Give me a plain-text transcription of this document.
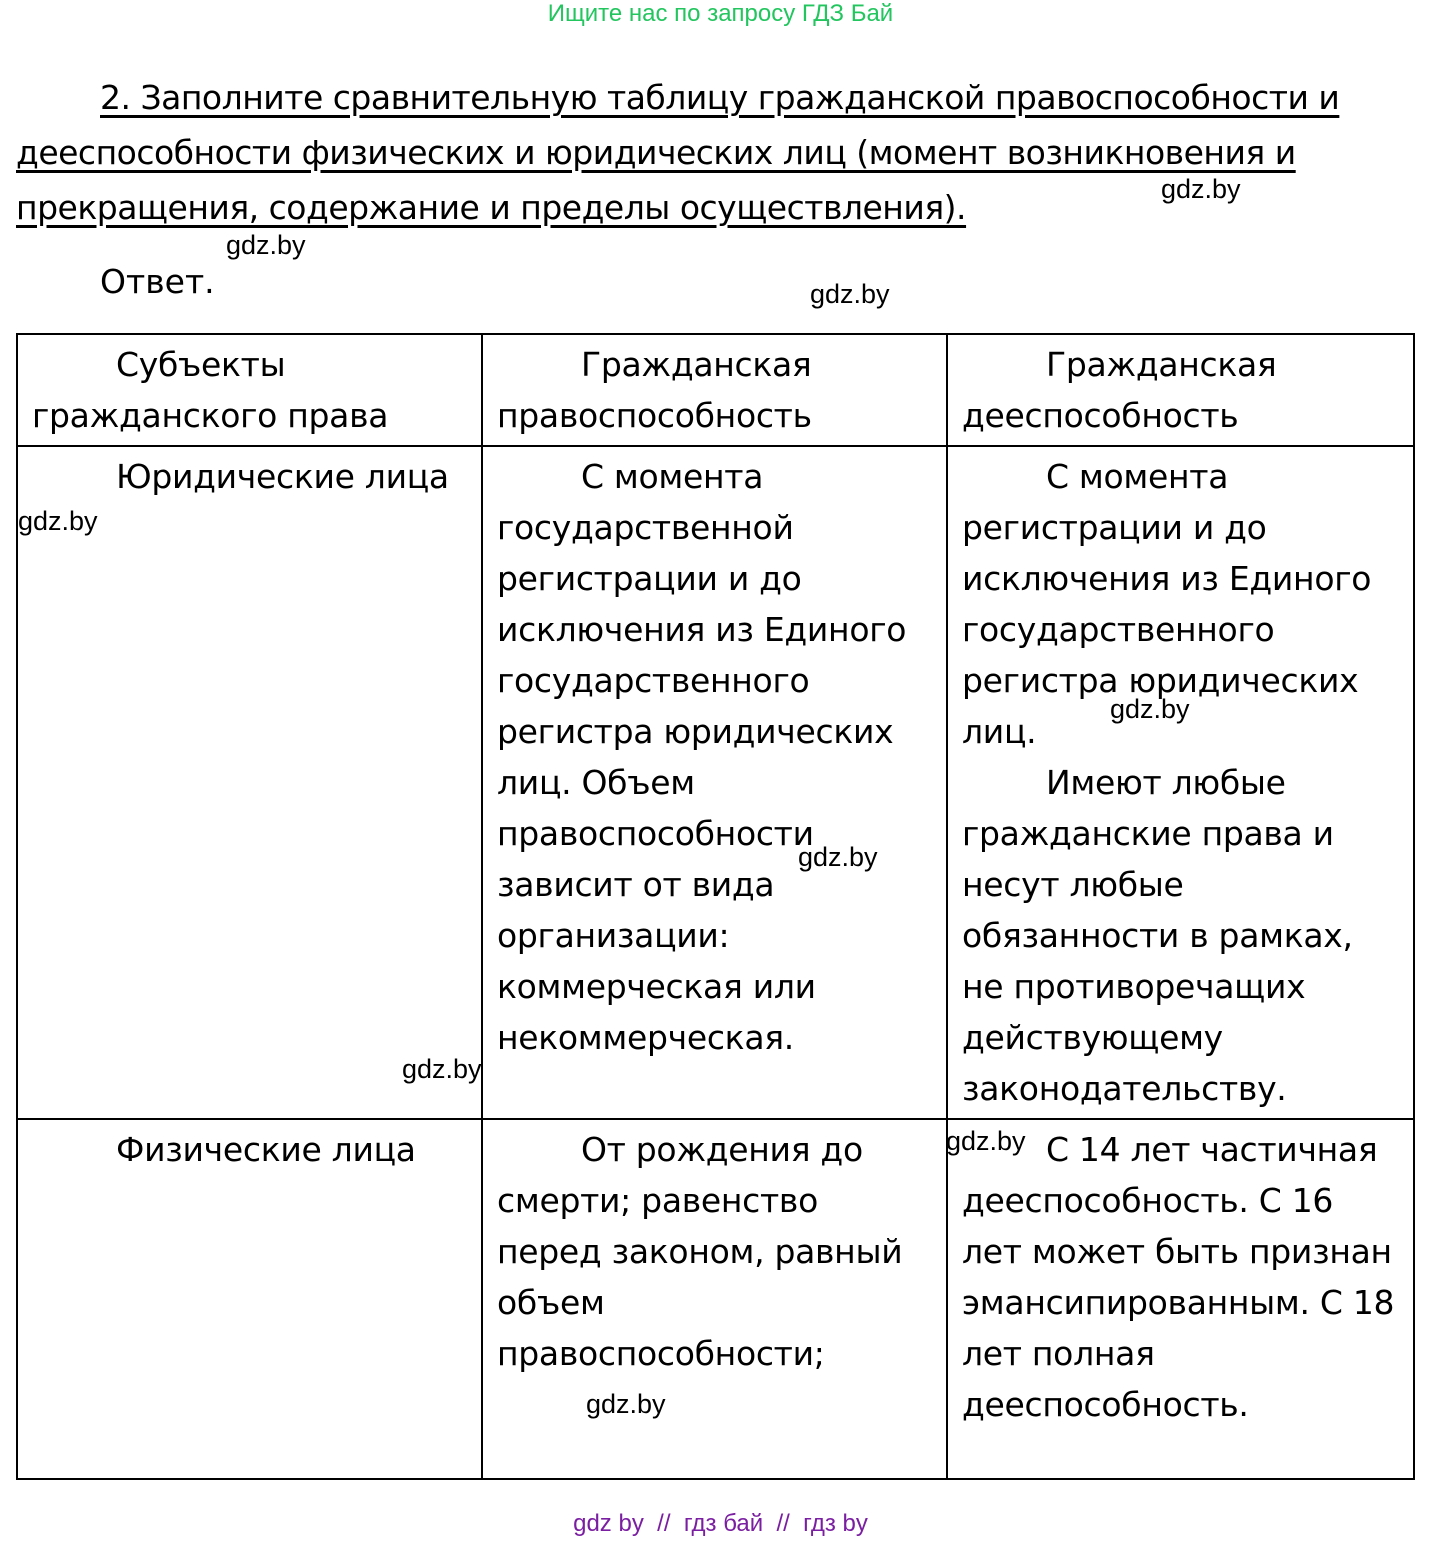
Ищите нас по запросу ГДЗ Бай
2. Заполните сравнительную таблицу гражданской правоспособности и дееспособности физических и юридических лиц (момент возникновения и прекращения, содержание и пределы осуществления).
Ответ.
Субъекты гражданского права	Гражданская правоспособность	Гражданская дееспособность

Юридические лица	С момента государственной регистрации и до исключения из Единого государственного регистра юридических лиц. Объем правоспособности зависит от вида организации: коммерческая или некоммерческая.	С момента регистрации и до исключения из Единого государственного регистра юридических лиц.
Имеют любые гражданские права и несут любые обязанности в рамках, не противоречащих действующему законодательству.

Физические лица	От рождения до смерти; равенство перед законом, равный объем правоспособности;	С 14 лет частичная дееспособность. С 16 лет может быть признан эмансипированным. С 18 лет полная дееспособность.
gdz.by
gdz.by
gdz.by
gdz.by
gdz.by
gdz.by
gdz.by
gdz.by
gdz.by
gdz by  //  гдз бай  //  гдз by
